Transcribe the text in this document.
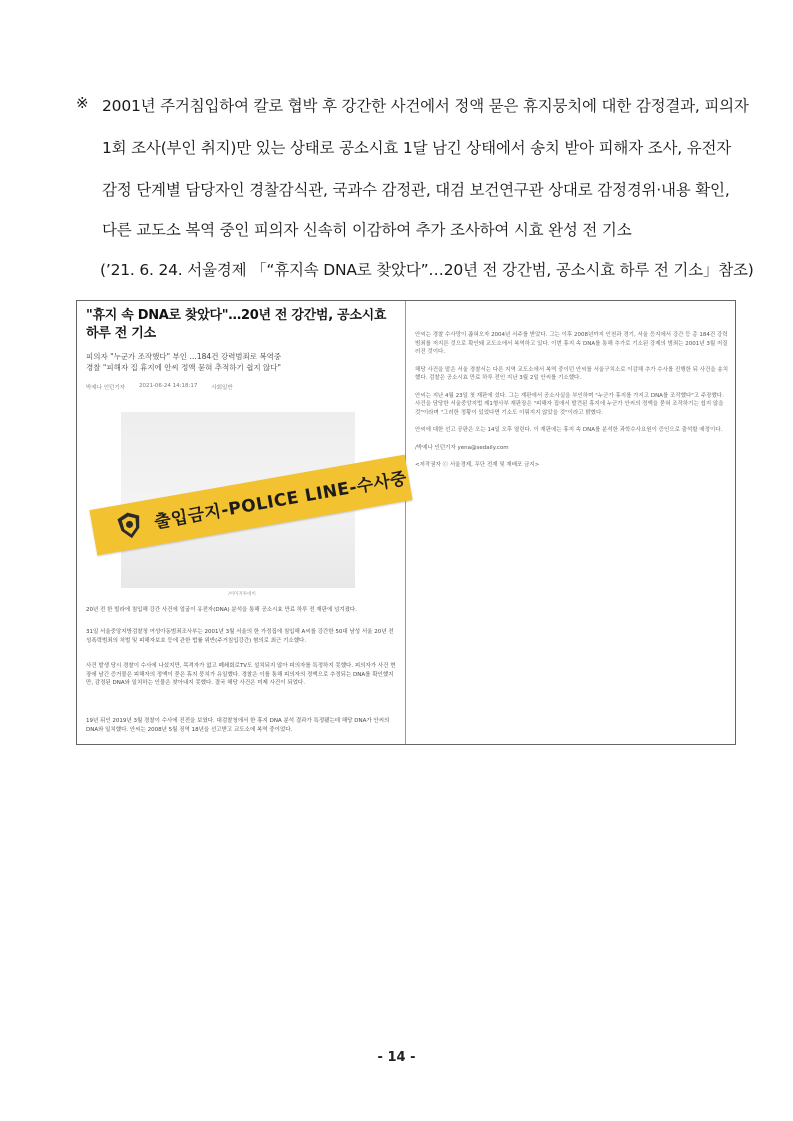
※ 2001년 주거침입하여 칼로 협박 후 강간한 사건에서 정액 묻은 휴지뭉치에 대한 감정결과, 피의자
1회 조사(부인 취지)만 있는 상태로 공소시효 1달 남긴 상태에서 송치 받아 피해자 조사, 유전자
감정 단계별 담당자인 경찰감식관, 국과수 감정관, 대검 보건연구관 상대로 감정경위·내용 확인,
다른 교도소 복역 중인 피의자 신속히 이감하여 추가 조사하여 시효 완성 전 기소
(’21. 6. 24. 서울경제 「“휴지속 DNA로 찾았다”…20년 전 강간범, 공소시효 하루 전 기소」참조)
"휴지 속 DNA로 찾았다"…20년 전 강간범, 공소시효 하루 전 기소
피의자 "누군가 조작했다" 부인 …184건 강력범죄로 복역중
경찰 "피해자 집 휴지에 안씨 정액 묻혀 추적하기 쉽지 않다"
박예나 인턴기자	2021-06-24 14:18:17	사회일반
출입금지-POLICE LINE-수사중
/이미지투데이
20년 전 한 빌라에 침입해 강간 사건에 얼굴이 유전자(DNA) 분석을 통해 공소시효 만료 하루 전 재판에 넘겨졌다.
31일 서울중앙지방검찰청 여성아동범죄조사부는 2001년 3월 서울의 한 가정집에 침입해 A씨를 강간한 50대 남성 서울 20년 전 성폭력범죄의 처벌 및 피해자보호 등에 관한 법률 위반(주거침입강간) 혐의로 최근 기소했다.
사건 발생 당시 경찰이 수사에 나섰지만, 목격자가 없고 폐쇄회로TV도 설치되지 않아 피의자를 특정하지 못했다. 피의자가 사건 현장에 남긴 증거물은 피해자의 정액이 묻은 휴지 뭉치가 유일했다. 경찰은 이를 통해 피의자의 정액으로 추정되는 DNA를 확인했지만, 감정된 DNA와 일치하는 인물은 찾아내지 못했다. 결국 해당 사건은 미제 사건이 되었다.
19년 뒤인 2019년 3월 경찰이 수사에 진전을 보였다. 대검찰청에서 한 휴지 DNA 분석 결과가 특정됐는데 해당 DNA가 안씨의 DNA와 일치했다. 안씨는 2008년 5월 징역 18년을 선고받고 교도소에 복역 중이었다.
안씨는 경찰 수사망이 좁혀오자 2004년 서주를 받았다. 그는 이후 2008년까지 인천과 경기, 서울 등지에서 강간 등 총 184건 강력범죄를 저지른 것으로 확인돼 교도소에서 복역하고 있다. 이번 휴지 속 DNA를 통해 추가로 기소된 강제의 범죄는 2001년 3월 저질러진 것이다.
해당 사건을 맡은 서울 경찰서는 다른 지역 교도소에서 복역 중이던 안씨를 서울구치소로 이감해 추가 수사를 진행한 뒤 사건을 송치했다. 검찰은 공소시효 만료 하루 전인 지난 3월 2일 안씨를 기소했다.
안씨는 지난 4월 23일 첫 재판에 섰다. 그는 재판에서 공소사실을 부인하며 "누군가 휴지를 가지고 DNA를 조작했다"고 주장했다. 사건을 담당한 서울중앙지법 제1형사부 재판장은 "피해자 집에서 발견된 휴지에 누군가 안씨의 정액을 묻혀 조작하기는 쉽지 않을 것"이라며 "그러한 정황이 있었다면 기소도 이뤄지지 않았을 것"이라고 밝혔다.
안씨에 대한 선고 공판은 오는 14일 오후 열린다. 이 재판에는 휴지 속 DNA를 분석한 과학수사요원이 증인으로 출석할 예정이다.
/박예나 인턴기자 yena@sedaily.com
<저작권자 ⓒ 서울경제, 무단 전재 및 재배포 금지>
- 14 -
